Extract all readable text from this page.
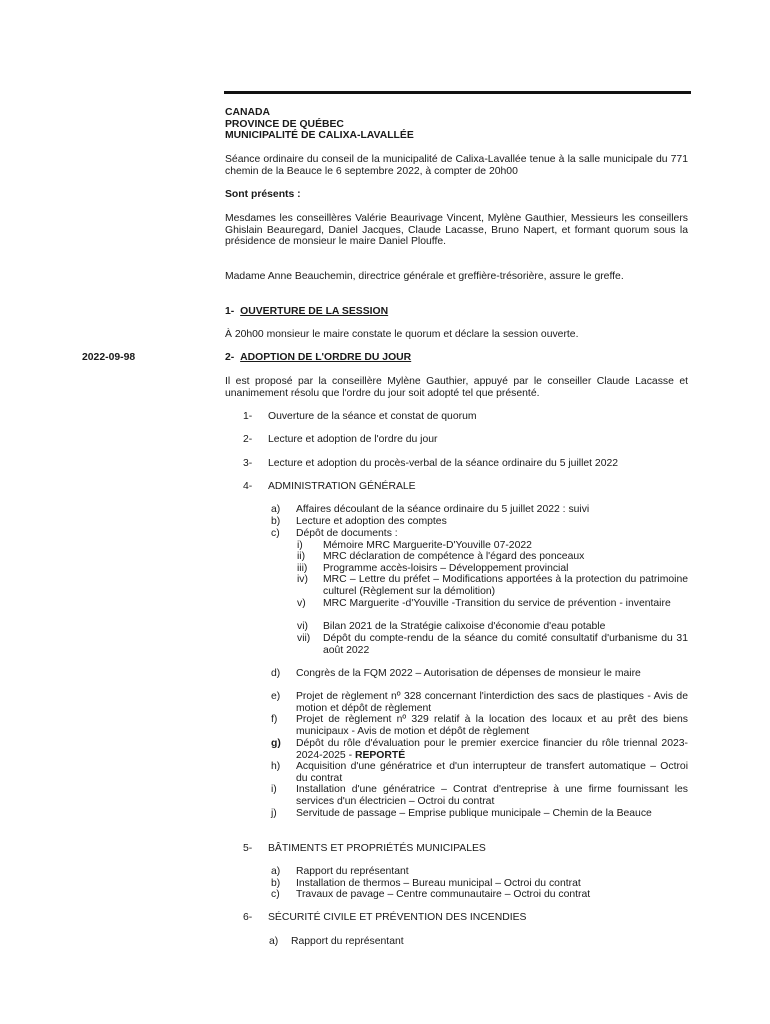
CANADA
PROVINCE DE QUÉBEC
MUNICIPALITÉ DE CALIXA-LAVALLÉE
Séance ordinaire du conseil de la municipalité de Calixa-Lavallée tenue à la salle municipale du 771 chemin de la Beauce le 6 septembre 2022, à compter de 20h00
Sont présents :
Mesdames les conseillères Valérie Beaurivage Vincent, Mylène Gauthier, Messieurs les conseillers Ghislain Beauregard, Daniel Jacques, Claude Lacasse, Bruno Napert, et formant quorum sous la présidence de monsieur le maire Daniel Plouffe.
Madame Anne Beauchemin, directrice générale et greffière-trésorière, assure le greffe.
1- OUVERTURE DE LA SESSION
À 20h00 monsieur le maire constate le quorum et déclare la session ouverte.
2022-09-98	2- ADOPTION DE L'ORDRE DU JOUR
Il est proposé par la conseillère Mylène Gauthier, appuyé par le conseiller Claude Lacasse et unanimement résolu que l'ordre du jour soit adopté tel que présenté.
1- Ouverture de la séance et constat de quorum
2- Lecture et adoption de l'ordre du jour
3- Lecture et adoption du procès-verbal de la séance ordinaire du 5 juillet 2022
4- ADMINISTRATION GÉNÉRALE
a) Affaires découlant de la séance ordinaire du 5 juillet 2022 : suivi
b) Lecture et adoption des comptes
c) Dépôt de documents :
i) Mémoire MRC Marguerite-D'Youville 07-2022
ii) MRC déclaration de compétence à l'égard des ponceaux
iii) Programme accès-loisirs – Développement provincial
iv) MRC – Lettre du préfet – Modifications apportées à la protection du patrimoine culturel (Règlement sur la démolition)
v) MRC Marguerite -d'Youville -Transition du service de prévention - inventaire
vi) Bilan 2021 de la Stratégie calixoise d'économie d'eau potable
vii) Dépôt du compte-rendu de la séance du comité consultatif d'urbanisme du 31 août 2022
d) Congrès de la FQM 2022 – Autorisation de dépenses de monsieur le maire
e) Projet de règlement nº 328 concernant l'interdiction des sacs de plastiques - Avis de motion et dépôt de règlement
f) Projet de règlement nº 329 relatif à la location des locaux et au prêt des biens municipaux - Avis de motion et dépôt de règlement
g) Dépôt du rôle d'évaluation pour le premier exercice financier du rôle triennal 2023-2024-2025 - REPORTÉ
h) Acquisition d'une génératrice et d'un interrupteur de transfert automatique – Octroi du contrat
i) Installation d'une génératrice – Contrat d'entreprise à une firme fournissant les services d'un électricien – Octroi du contrat
j) Servitude de passage – Emprise publique municipale – Chemin de la Beauce
5- BÂTIMENTS ET PROPRIÉTÉS MUNICIPALES
a) Rapport du représentant
b) Installation de thermos – Bureau municipal – Octroi du contrat
c) Travaux de pavage – Centre communautaire – Octroi du contrat
6- SÉCURITÉ CIVILE ET PRÉVENTION DES INCENDIES
a) Rapport du représentant
